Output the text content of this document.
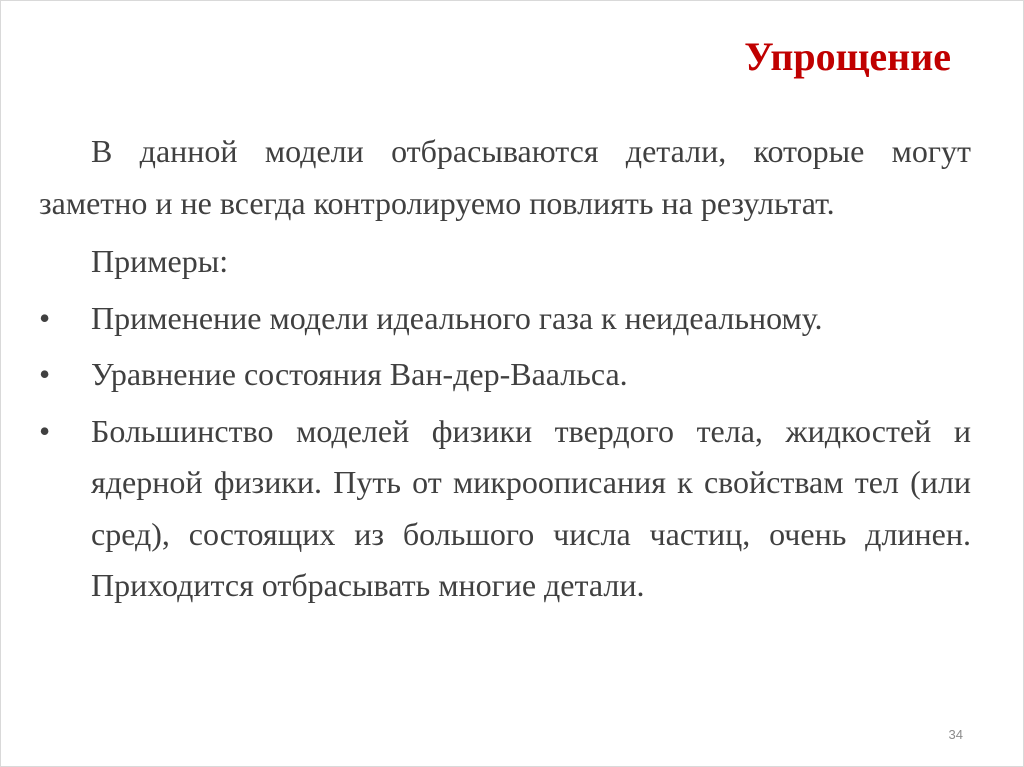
Упрощение

В данной модели отбрасываются детали, которые могут заметно и не всегда контролируемо повлиять на результат.

Примеры:
• Применение модели идеального газа к неидеальному.
• Уравнение состояния Ван-дер-Ваальса.
• Большинство моделей физики твердого тела, жидкостей и ядерной физики. Путь от микроописания к свойствам тел (или сред), состоящих из большого числа частиц, очень длинен. Приходится отбрасывать многие детали.
34
